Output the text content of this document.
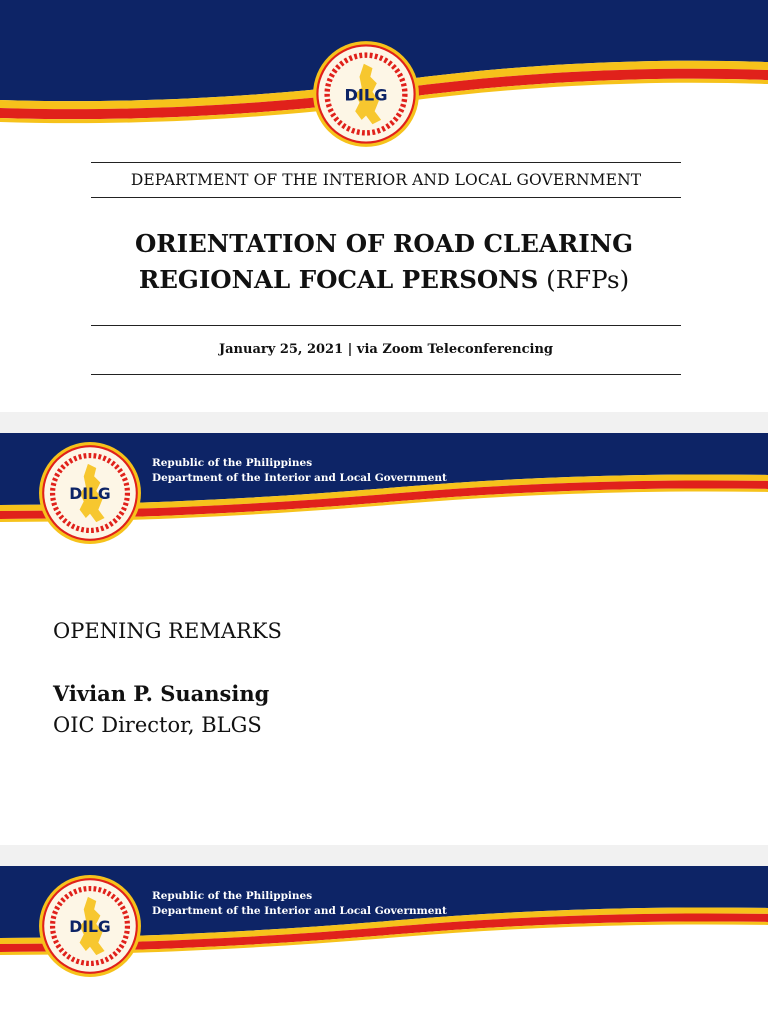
DILG
DEPARTMENT OF THE INTERIOR AND LOCAL GOVERNMENT
ORIENTATION OF ROAD CLEARING
REGIONAL FOCAL PERSONS (RFPs)
January 25, 2021 | via Zoom Teleconferencing
DILG
Republic of the Philippines
Department of the Interior and Local Government
OPENING REMARKS
Vivian P. Suansing
OIC Director, BLGS
DILG
Republic of the Philippines
Department of the Interior and Local Government
